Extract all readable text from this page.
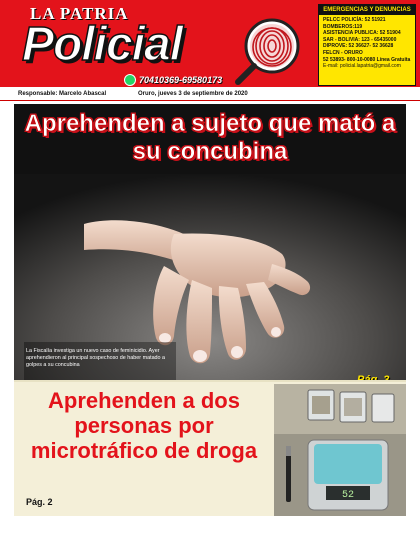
LA PATRIA
Policial
70410369-69580173
EMERGENCIAS Y DENUNCIAS
PELCC POLICÍA: 52 51921
BOMBEROS:119
ASISTENCIA PUBLICA: 52 51904
SAR - BOLIVIA: 123 - 65435000
DIPROVE: 52 36627- 52 36628
FELCN - ORURO
52 53893- 800-10-0080 Línea Gratuita
E-mail: policial.lapatria@gmail.com
Responsable: Marcelo Abascal	Oruro, jueves 3 de septiembre de 2020
Aprehenden a sujeto que mató a su concubina
La Fiscalía investiga un nuevo caso de feminicidio. Ayer aprehendieron al principal sospechoso de haber matado a golpes a su concubina
Aprehenden a dos personas por microtráfico de droga
Pág. 2
52
